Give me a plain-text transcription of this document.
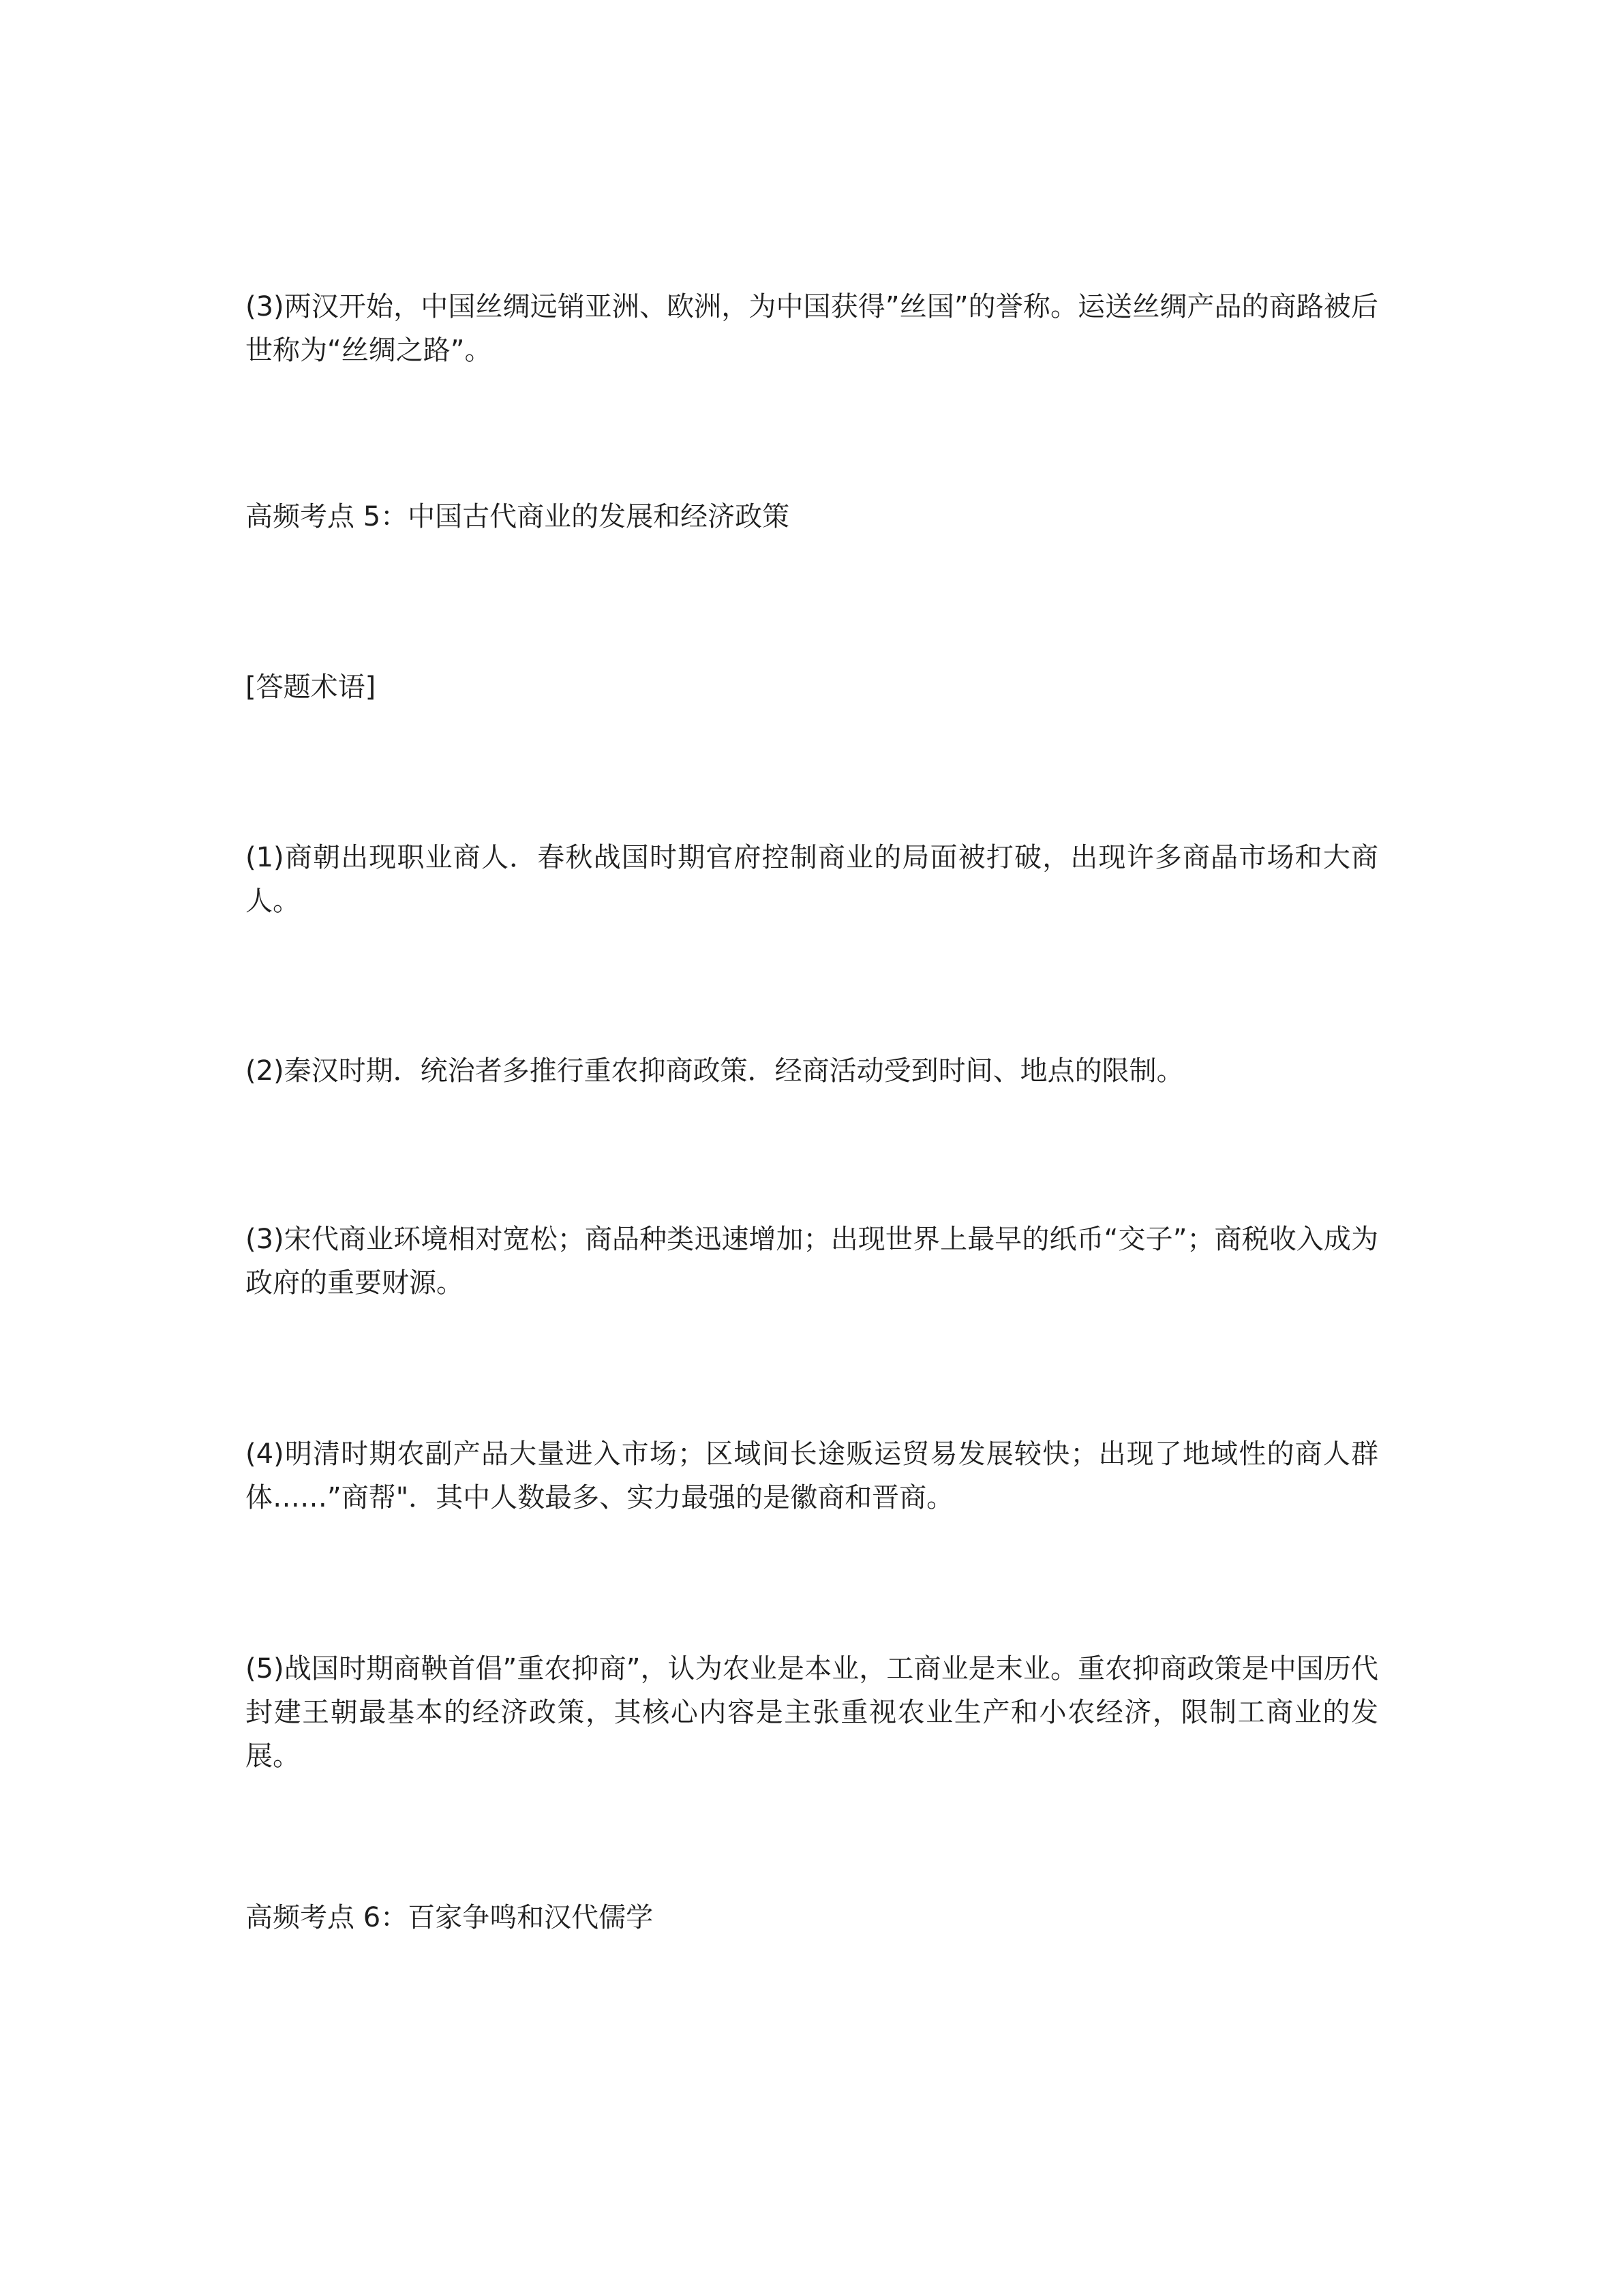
(3)两汉开始，中国丝绸远销亚洲、欧洲，为中国获得”丝国”的誉称。运送丝绸产品的商路被后世称为“丝绸之路”。

高频考点 5：中国古代商业的发展和经济政策

[答题术语]

(1)商朝出现职业商人．春秋战国时期官府控制商业的局面被打破，出现许多商晶市场和大商人。

(2)秦汉时期．统治者多推行重农抑商政策．经商活动受到时间、地点的限制。

(3)宋代商业环境相对宽松；商品种类迅速增加；出现世界上最早的纸币“交子”；商税收入成为政府的重要财源。

(4)明清时期农副产品大量进入市场；区域间长途贩运贸易发展较快；出现了地域性的商人群体……”商帮"．其中人数最多、实力最强的是徽商和晋商。

(5)战国时期商鞅首倡”重农抑商”，认为农业是本业，工商业是末业。重农抑商政策是中国历代封建王朝最基本的经济政策，其核心内容是主张重视农业生产和小农经济，限制工商业的发展。

高频考点 6：百家争鸣和汉代儒学
